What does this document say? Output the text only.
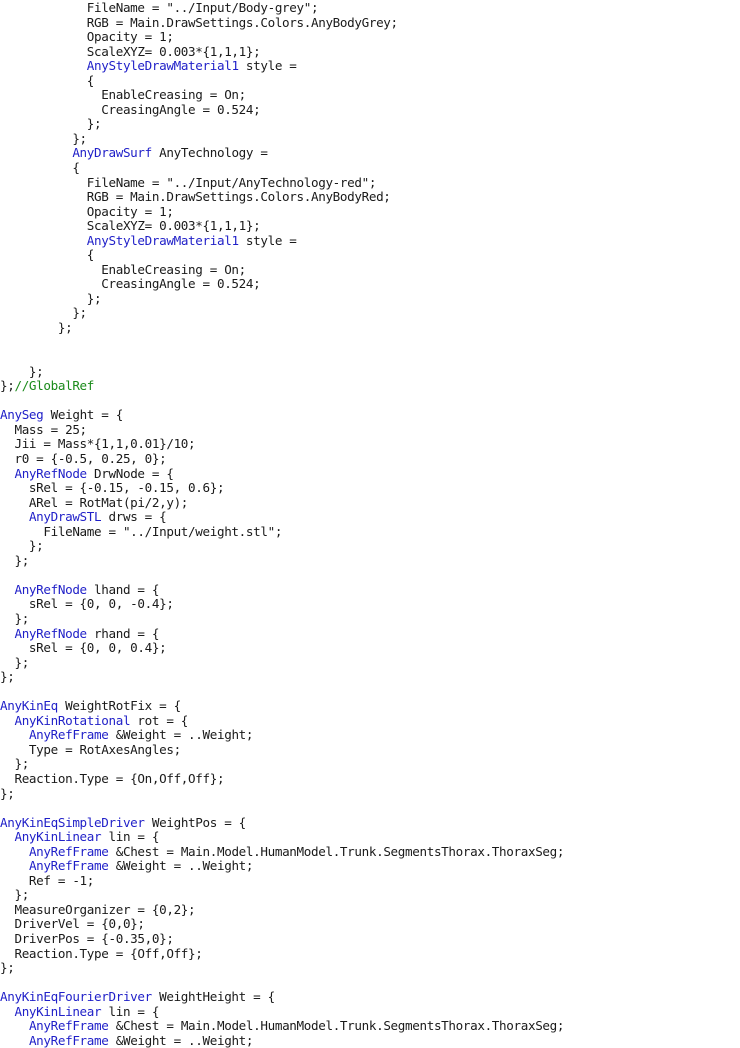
FileName = "../Input/Body-grey";
RGB = Main.DrawSettings.Colors.AnyBodyGrey;
Opacity = 1;
ScaleXYZ= 0.003*{1,1,1};
AnyStyleDrawMaterial1 style =
{
EnableCreasing = On;
CreasingAngle = 0.524;
};
};
AnyDrawSurf AnyTechnology =
{
FileName = "../Input/AnyTechnology-red";
RGB = Main.DrawSettings.Colors.AnyBodyRed;
Opacity = 1;
ScaleXYZ= 0.003*{1,1,1};
AnyStyleDrawMaterial1 style =
{
EnableCreasing = On;
CreasingAngle = 0.524;
};
};
};
};
};//GlobalRef
AnySeg Weight = {
Mass = 25;
Jii = Mass*{1,1,0.01}/10;
r0 = {-0.5, 0.25, 0};
AnyRefNode DrwNode = {
sRel = {-0.15, -0.15, 0.6};
ARel = RotMat(pi/2,y);
AnyDrawSTL drws = {
FileName = "../Input/weight.stl";
};
};
AnyRefNode lhand = {
sRel = {0, 0, -0.4};
};
AnyRefNode rhand = {
sRel = {0, 0, 0.4};
};
};
AnyKinEq WeightRotFix = {
AnyKinRotational rot = {
AnyRefFrame &Weight = ..Weight;
Type = RotAxesAngles;
};
Reaction.Type = {On,Off,Off};
};
AnyKinEqSimpleDriver WeightPos = {
AnyKinLinear lin = {
AnyRefFrame &Chest = Main.Model.HumanModel.Trunk.SegmentsThorax.ThoraxSeg;
AnyRefFrame &Weight = ..Weight;
Ref = -1;
};
MeasureOrganizer = {0,2};
DriverVel = {0,0};
DriverPos = {-0.35,0};
Reaction.Type = {Off,Off};
};
AnyKinEqFourierDriver WeightHeight = {
AnyKinLinear lin = {
AnyRefFrame &Chest = Main.Model.HumanModel.Trunk.SegmentsThorax.ThoraxSeg;
AnyRefFrame &Weight = ..Weight;
